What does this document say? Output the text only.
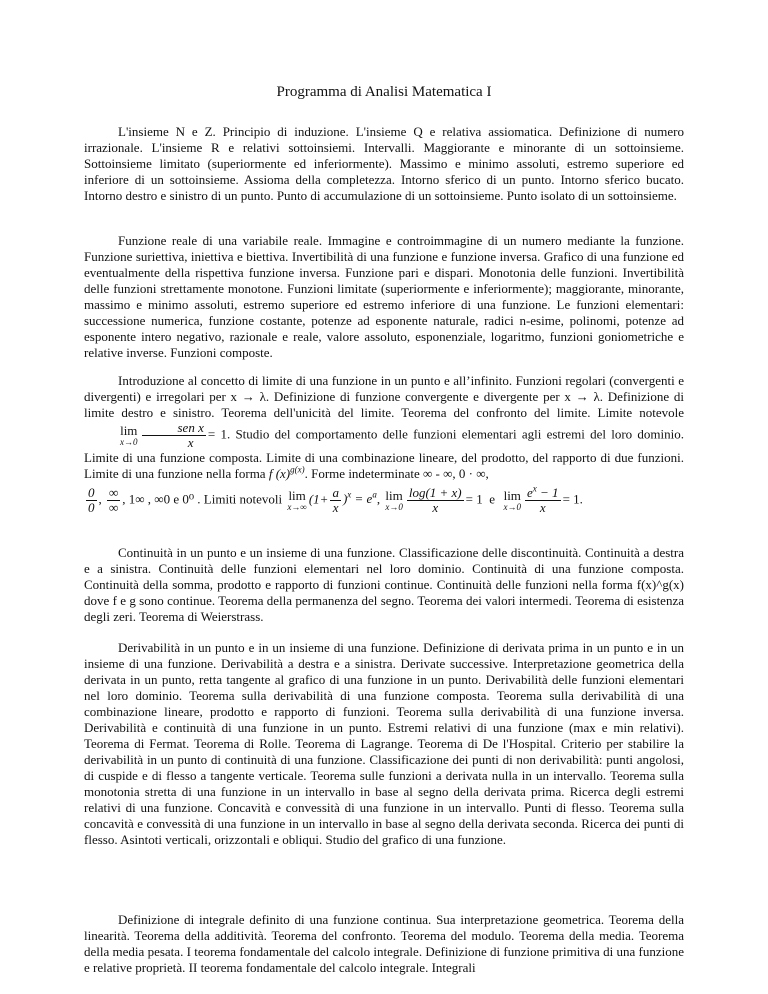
Programma di Analisi Matematica I

L'insieme N e Z. Principio di induzione. L'insieme Q e relativa assiomatica. Definizione di numero irrazionale. L'insieme R e relativi sottoinsiemi. Intervalli. Maggiorante e minorante di un sottoinsieme. Sottoinsieme limitato (superiormente ed inferiormente). Massimo e minimo assoluti, estremo superiore ed inferiore di un sottoinsieme. Assioma della completezza. Intorno sferico di un punto. Intorno sferico bucato. Intorno destro e sinistro di un punto. Punto di accumulazione di un sottoinsieme. Punto isolato di un sottoinsieme.

Funzione reale di una variabile reale. Immagine e controimmagine di un numero mediante la funzione. Funzione suriettiva, iniettiva e biettiva. Invertibilità di una funzione e funzione inversa. Grafico di una funzione ed eventualmente della rispettiva funzione inversa. Funzione pari e dispari. Monotonia delle funzioni. Invertibilità delle funzioni strettamente monotone. Funzioni limitate (superiormente e inferiormente); maggiorante, minorante, massimo e minimo assoluti, estremo superiore ed estremo inferiore di una funzione. Le funzioni elementari: successione numerica, funzione costante, potenze ad esponente naturale, radici n-esime, polinomi, potenze ad esponente intero negativo, razionale e reale, valore assoluto, esponenziale, logaritmo, funzioni goniometriche e relative inverse. Funzioni composte.

Introduzione al concetto di limite di una funzione in un punto e all’infinito. Funzioni regolari (convergenti e divergenti) e irregolari per x → λ. Definizione di funzione convergente e divergente per x → λ. Definizione di limite destro e sinistro. Teorema dell'unicità del limite. Teorema del confronto del limite. Limite notevole
lim
$x\to 0 \frac{\text{sen x}}{x} = 1$. Studio del comportamento delle funzioni elementari agli estremi del loro dominio. Limite di una funzione composta. Limite di una combinazione lineare, del prodotto, del rapporto di due funzioni. Limite di una funzione nella forma f $(x)^{g(x)}$. Forme indeterminate ∞ - ∞, 0 · ∞,
$\frac{0}{0}$ , $\frac{\infty}{\infty}$ , 1∞ , ∞0 e 0⁰ . Limiti notevoli lim
x→∞
$(1+ \frac{a}{x} )^x = e^a$, lim
$x\to 0 \frac{\log(1 + x)}{x} = 1$  e lim
$x\to 0 \frac{e^x - 1}{x} = 1$.

Continuità in un punto e un insieme di una funzione. Classificazione delle discontinuità. Continuità a destra e a sinistra. Continuità delle funzioni elementari nel loro dominio. Continuità di una funzione composta. Continuità della somma, prodotto e rapporto di funzioni continue. Continuità delle funzioni nella forma f(x)^g(x) dove f e g sono continue. Teorema della permanenza del segno. Teorema dei valori intermedi. Teorema di esistenza degli zeri. Teorema di Weierstrass.

Derivabilità in un punto e in un insieme di una funzione. Definizione di derivata prima in un punto e in un insieme di una funzione. Derivabilità a destra e a sinistra. Derivate successive. Interpretazione geometrica della derivata in un punto, retta tangente al grafico di una funzione in un punto. Derivabilità delle funzioni elementari nel loro dominio. Teorema sulla derivabilità di una funzione composta. Teorema sulla derivabilità di una combinazione lineare, prodotto e rapporto di funzioni. Teorema sulla derivabilità di una funzione inversa. Derivabilità e continuità di una funzione in un punto. Estremi relativi di una funzione (max e min relativi). Teorema di Fermat. Teorema di Rolle. Teorema di Lagrange. Teorema di De l'Hospital. Criterio per stabilire la derivabilità in un punto di continuità di una funzione. Classificazione dei punti di non derivabilità: punti angolosi, di cuspide e di flesso a tangente verticale. Teorema sulle funzioni a derivata nulla in un intervallo. Teorema sulla monotonia stretta di una funzione in un intervallo in base al segno della derivata prima. Ricerca degli estremi relativi di una funzione. Concavità e convessità di una funzione in un intervallo. Punti di flesso. Teorema sulla concavità e convessità di una funzione in un intervallo in base al segno della derivata seconda. Ricerca dei punti di flesso. Asintoti verticali, orizzontali e obliqui. Studio del grafico di una funzione.

Definizione di integrale definito di una funzione continua. Sua interpretazione geometrica. Teorema della linearità. Teorema della additività. Teorema del confronto. Teorema del modulo. Teorema della media. Teorema della media pesata. I teorema fondamentale del calcolo integrale. Definizione di funzione primitiva di una funzione e relative proprietà. II teorema fondamentale del calcolo integrale. Integrali
